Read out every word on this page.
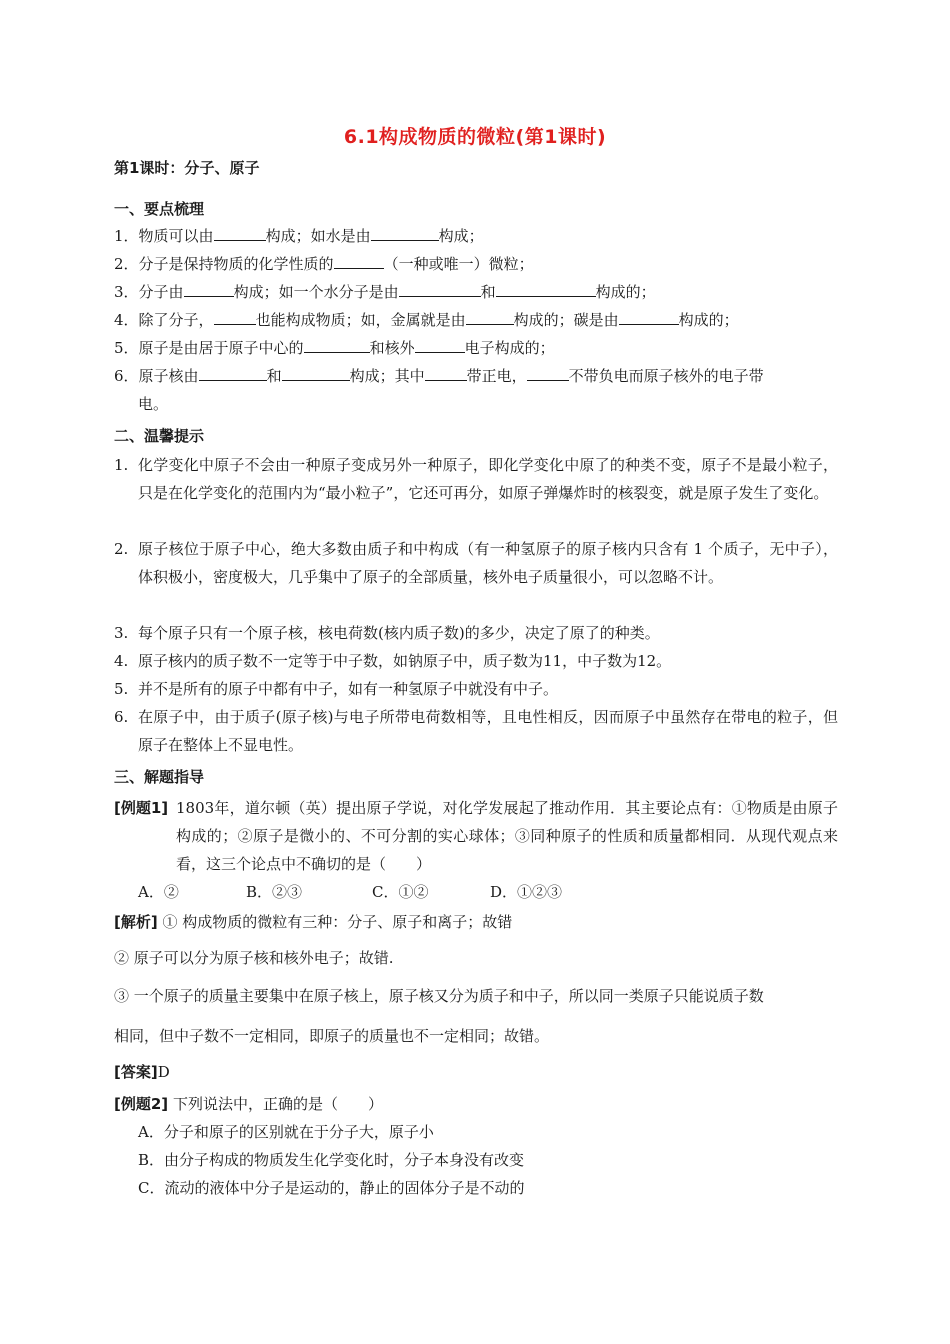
6.1构成物质的微粒(第1课时)
第1课时：分子、原子
一、要点梳理
1．物质可以由	构成；如水是由	构成；
2．分子是保持物质的化学性质的	（一种或唯一）微粒；
3．分子由	构成；如一个水分子是由	和	构成的；
4．除了分子，	也能构成物质；如，金属就是由	构成的；碳是由	构成的；
5．原子是由居于原子中心的	和核外	电子构成的；
6．原子核由	和	构成；其中	带正电，	不带负电而原子核外的电子带
电。
二、温馨提示
1. 化学变化中原子不会由一种原子变成另外一种原子，即化学变化中原了的种类不变，原子不是最小粒子，只是在化学变化的范围内为“最小粒子”，它还可再分，如原子弹爆炸时的核裂变，就是原子发生了变化。
2. 原子核位于原子中心，绝大多数由质子和中构成（有一种氢原子的原子核内只含有 1 个质子，无中子），体积极小，密度极大，几乎集中了原子的全部质量，核外电子质量很小，可以忽略不计。
3. 每个原子只有一个原子核，核电荷数(核内质子数)的多少，决定了原了的种类。
4. 原子核内的质子数不一定等于中子数，如钠原子中，质子数为11，中子数为12。
5. 并不是所有的原子中都有中子，如有一种氢原子中就没有中子。
6. 在原子中，由于质子(原子核)与电子所带电荷数相等，且电性相反，因而原子中虽然存在带电的粒子，但原子在整体上不显电性。
三、解题指导
[例题1] 1803年，道尔顿（英）提出原子学说，对化学发展起了推动作用．其主要论点有：①物质是由原子构成的；②原子是微小的、不可分割的实心球体；③同种原子的性质和质量都相同．从现代观点来看，这三个论点中不确切的是（　　）
A．②	B．②③	C．①②	D．①②③
[解析] ① 构成物质的微粒有三种：分子、原子和离子；故错
② 原子可以分为原子核和核外电子；故错.
③ 一个原子的质量主要集中在原子核上，原子核又分为质子和中子，所以同一类原子只能说质子数
相同，但中子数不一定相同，即原子的质量也不一定相同；故错。
[答案]D
[例题2] 下列说法中，正确的是（　　）
A．分子和原子的区别就在于分子大，原子小
B．由分子构成的物质发生化学变化时，分子本身没有改变
C．流动的液体中分子是运动的，静止的固体分子是不动的
